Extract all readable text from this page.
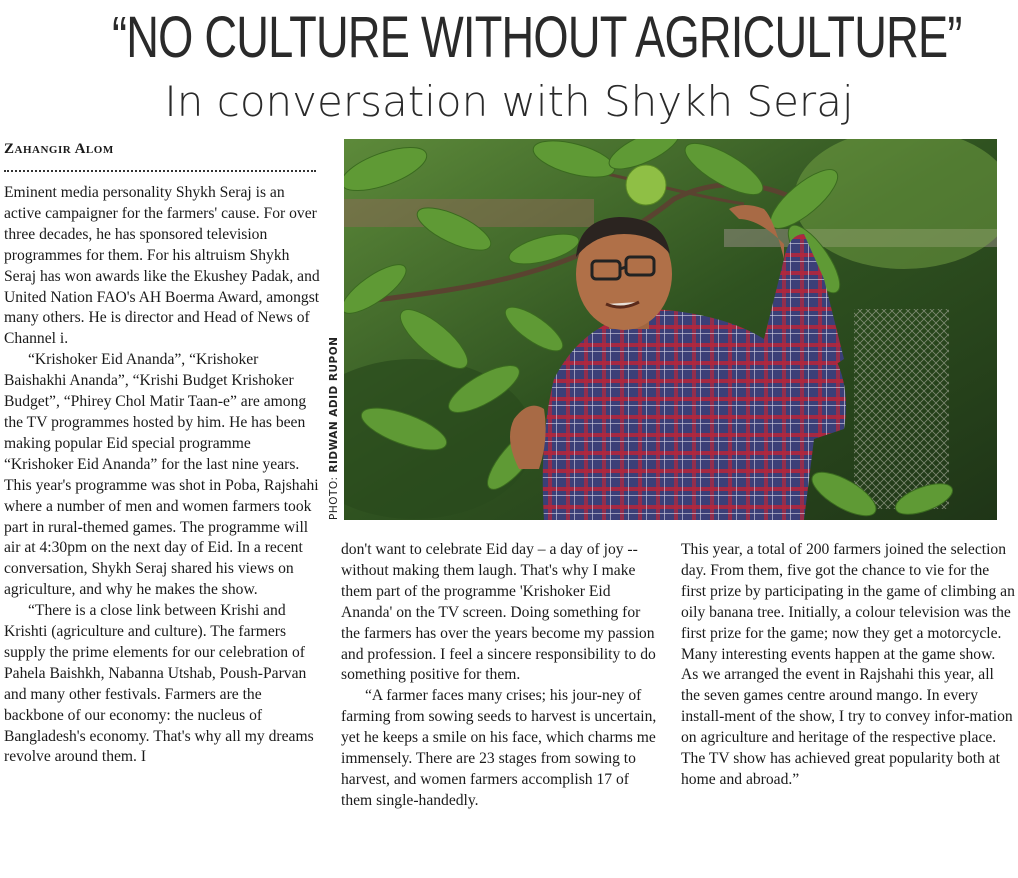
“NO CULTURE WITHOUT AGRICULTURE”
In conversation with Shykh Seraj
Zahangir Alom

Eminent media personality Shykh Seraj is an active campaigner for the farmers' cause. For over three decades, he has sponsored television programmes for them. For his altruism Shykh Seraj has won awards like the Ekushey Padak, and United Nation FAO's AH Boerma Award, amongst many others. He is director and Head of News of Channel i.

“Krishoker Eid Ananda”, “Krishoker Baishakhi Ananda”, “Krishi Budget Krishoker Budget”, “Phirey Chol Matir Taan-e” are among the TV programmes hosted by him. He has been making popular Eid special programme “Krishoker Eid Ananda” for the last nine years. This year's programme was shot in Poba, Rajshahi where a number of men and women farmers took part in rural-themed games. The programme will air at 4:30pm on the next day of Eid. In a recent conversation, Shykh Seraj shared his views on agriculture, and why he makes the show.

“There is a close link between Krishi and Krishti (agriculture and culture). The farmers supply the prime elements for our celebration of Pahela Baishkh, Nabanna Utshab, Poush-Parvan and many other festivals. Farmers are the backbone of our economy: the nucleus of Bangladesh's economy. That's why all my dreams revolve around them. I

PHOTO: RIDWAN ADID RUPON

don't want to celebrate Eid day – a day of joy -- without making them laugh. That's why I make them part of the programme 'Krishoker Eid Ananda' on the TV screen. Doing something for the farmers has over the years become my passion and profession. I feel a sincere responsibility to do something positive for them.

“A farmer faces many crises; his jour-ney of farming from sowing seeds to harvest is uncertain, yet he keeps a smile on his face, which charms me immensely. There are 23 stages from sowing to harvest, and women farmers accomplish 17 of them single-handedly.

This year, a total of 200 farmers joined the selection day. From them, five got the chance to vie for the first prize by participating in the game of climbing an oily banana tree. Initially, a colour television was the first prize for the game; now they get a motorcycle. Many interesting events happen at the game show. As we arranged the event in Rajshahi this year, all the seven games centre around mango. In every install-ment of the show, I try to convey infor-mation on agriculture and heritage of the respective place. The TV show has achieved great popularity both at home and abroad.”
